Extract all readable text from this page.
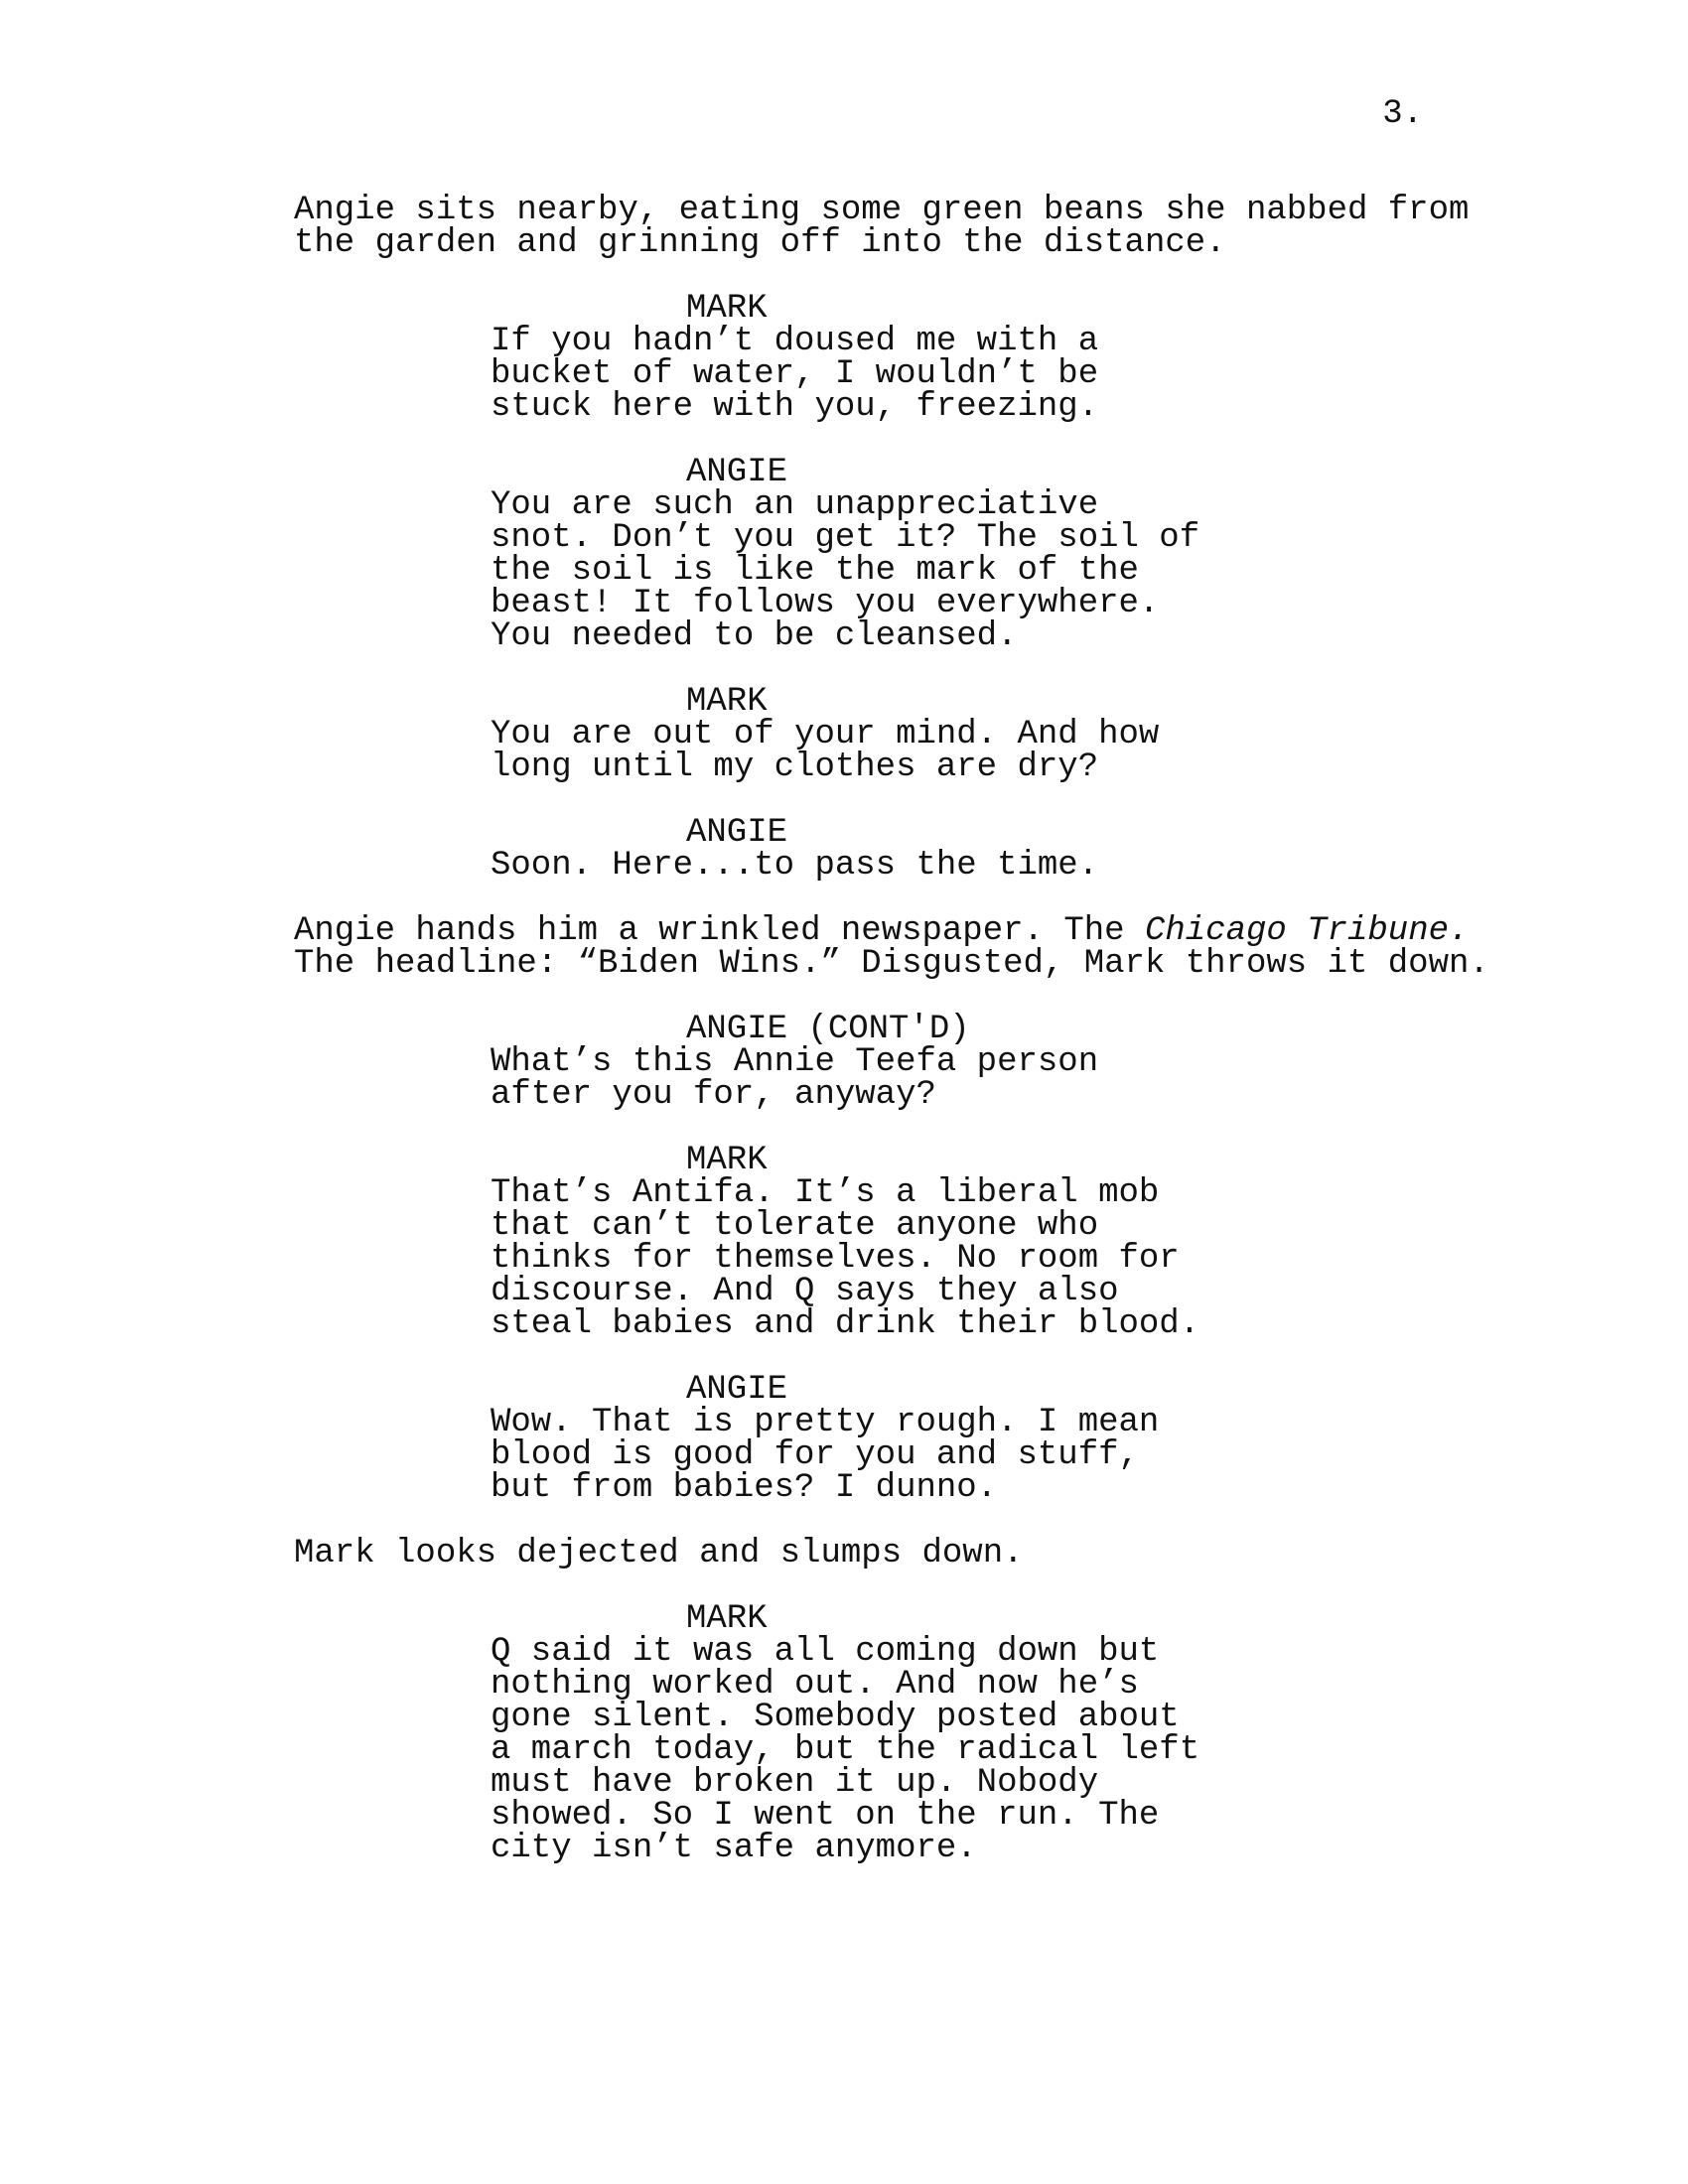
3.
Angie sits nearby, eating some green beans she nabbed from
the garden and grinning off into the distance.
MARK
If you hadn’t doused me with a
bucket of water, I wouldn’t be
stuck here with you, freezing.
ANGIE
You are such an unappreciative
snot. Don’t you get it? The soil of
the soil is like the mark of the
beast! It follows you everywhere.
You needed to be cleansed.
MARK
You are out of your mind. And how
long until my clothes are dry?
ANGIE
Soon. Here...to pass the time.
Angie hands him a wrinkled newspaper. The Chicago Tribune.
The headline: “Biden Wins.” Disgusted, Mark throws it down.
ANGIE (CONT'D)
What’s this Annie Teefa person
after you for, anyway?
MARK
That’s Antifa. It’s a liberal mob
that can’t tolerate anyone who
thinks for themselves. No room for
discourse. And Q says they also
steal babies and drink their blood.
ANGIE
Wow. That is pretty rough. I mean
blood is good for you and stuff,
but from babies? I dunno.
Mark looks dejected and slumps down.
MARK
Q said it was all coming down but
nothing worked out. And now he’s
gone silent. Somebody posted about
a march today, but the radical left
must have broken it up. Nobody
showed. So I went on the run. The
city isn’t safe anymore.
